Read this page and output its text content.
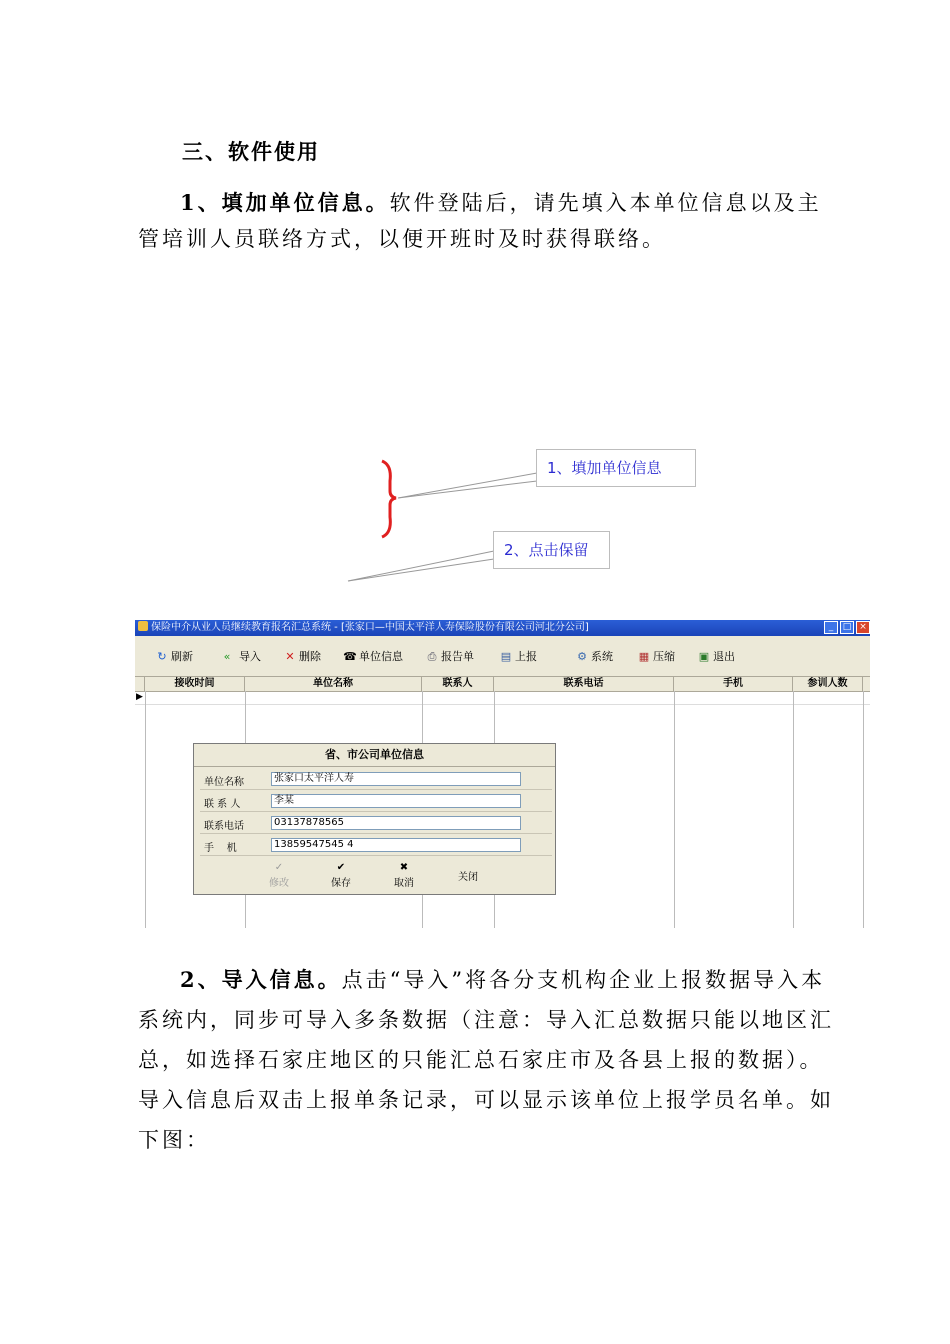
三、软件使用

1、填加单位信息。软件登陆后，请先填入本单位信息以及主管培训人员联络方式，以便开班时及时获得联络。

1、填加单位信息
2、点击保留
保险中介从业人员继续教育报名汇总系统 - [张家口—中国太平洋人寿保险股份有限公司河北分公司]	_ □ ×
↻ 刷新	« 导入 ✕ 删除 ☎ 单位信息 ⎙ 报告单 ▤ 上报	⚙ 系统 ▦ 压缩 ▣ 退出
接收时间	单位名称	联系人	联系电话	手机	参训人数
▶
省、市公司单位信息
单位名称	张家口太平洋人寿
联 系 人	李某
联系电话	03137878565
手    机	13859547545 4
✓
修改
✔
保存
✖
取消
关闭

2、导入信息。点击“导入”将各分支机构企业上报数据导入本系统内，同步可导入多条数据（注意：导入汇总数据只能以地区汇总，如选择石家庄地区的只能汇总石家庄市及各县上报的数据）。导入信息后双击上报单条记录，可以显示该单位上报学员名单。如下图：
